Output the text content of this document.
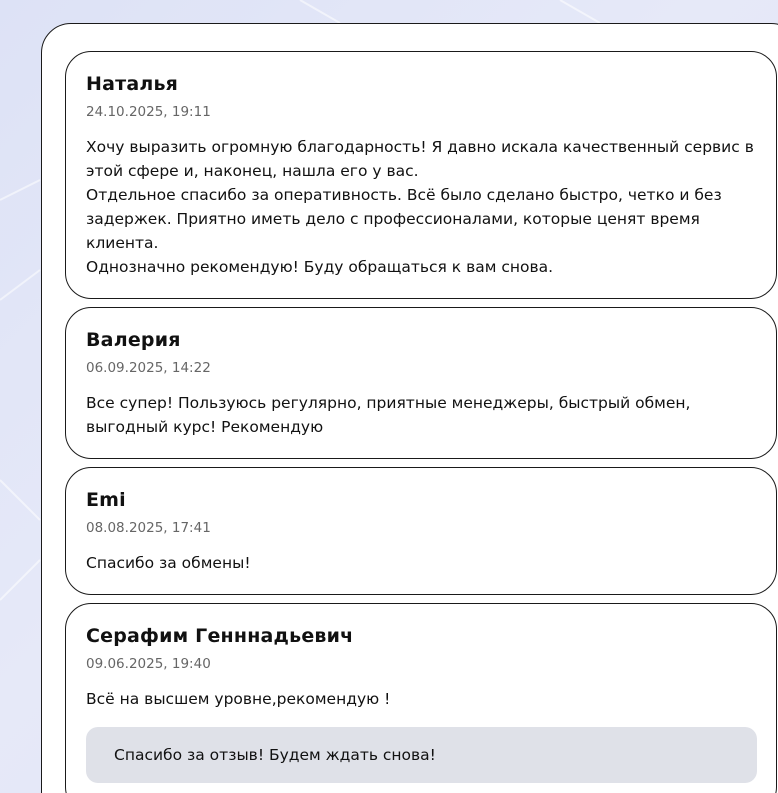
Наталья
24.10.2025, 19:11
Хочу выразить огромную благодарность! Я давно искала качественный сервис в этой сфере и, наконец, нашла его у вас.
Отдельное спасибо за оперативность. Всё было сделано быстро, четко и без задержек. Приятно иметь дело с профессионалами, которые ценят время клиента.
Однозначно рекомендую! Буду обращаться к вам снова.
Валерия
06.09.2025, 14:22
Все супер! Пользуюсь регулярно, приятные менеджеры, быстрый обмен, выгодный курс! Рекомендую
Emi
08.08.2025, 17:41
Спасибо за обмены!
Серафим Генннадьевич
09.06.2025, 19:40
Всё на высшем уровне,рекомендую !
Спасибо за отзыв! Будем ждать снова!
